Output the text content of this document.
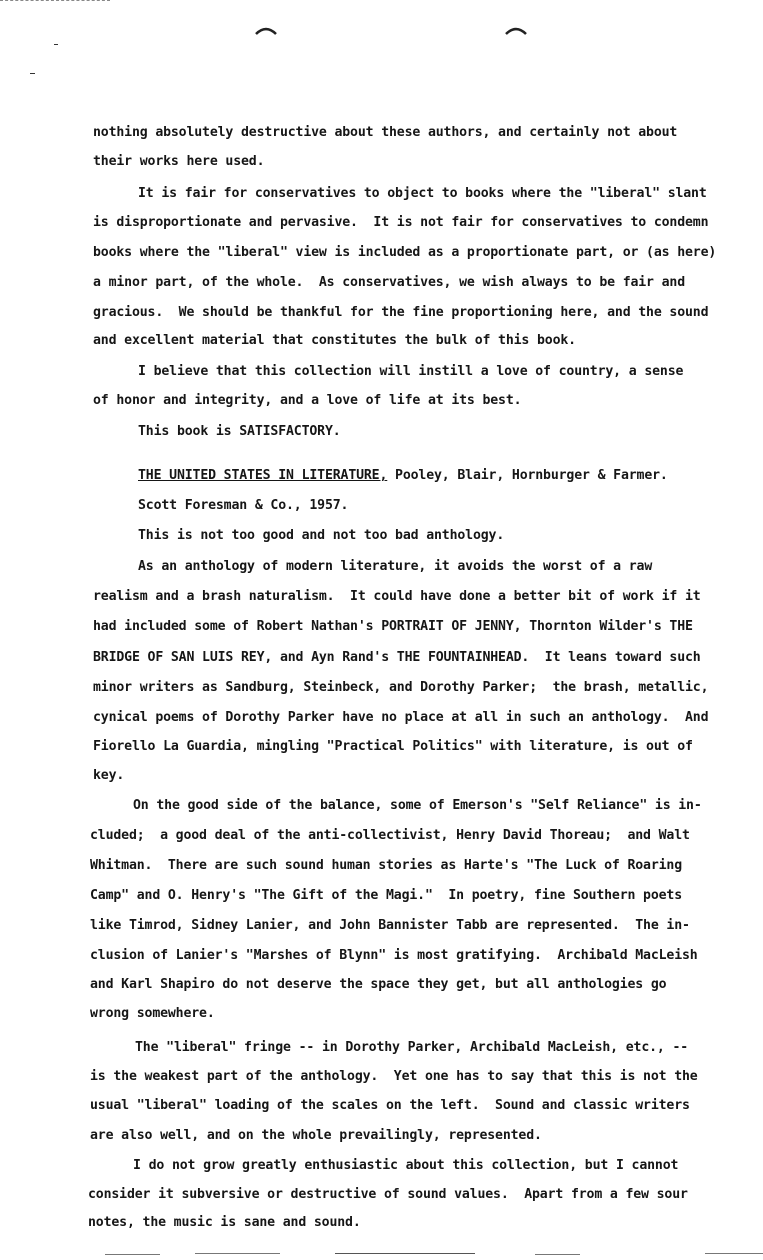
nothing absolutely destructive about these authors, and certainly not about
their works here used.
It is fair for conservatives to object to books where the "liberal" slant
is disproportionate and pervasive.  It is not fair for conservatives to condemn
books where the "liberal" view is included as a proportionate part, or (as here)
a minor part, of the whole.  As conservatives, we wish always to be fair and
gracious.  We should be thankful for the fine proportioning here, and the sound
and excellent material that constitutes the bulk of this book.
I believe that this collection will instill a love of country, a sense
of honor and integrity, and a love of life at its best.
This book is SATISFACTORY.
THE UNITED STATES IN LITERATURE, Pooley, Blair, Hornburger & Farmer.
Scott Foresman & Co., 1957.
This is not too good and not too bad anthology.
As an anthology of modern literature, it avoids the worst of a raw
realism and a brash naturalism.  It could have done a better bit of work if it
had included some of Robert Nathan's PORTRAIT OF JENNY, Thornton Wilder's THE
BRIDGE OF SAN LUIS REY, and Ayn Rand's THE FOUNTAINHEAD.  It leans toward such
minor writers as Sandburg, Steinbeck, and Dorothy Parker;  the brash, metallic,
cynical poems of Dorothy Parker have no place at all in such an anthology.  And
Fiorello La Guardia, mingling "Practical Politics" with literature, is out of
key.
On the good side of the balance, some of Emerson's "Self Reliance" is in-
cluded;  a good deal of the anti-collectivist, Henry David Thoreau;  and Walt
Whitman.  There are such sound human stories as Harte's "The Luck of Roaring
Camp" and O. Henry's "The Gift of the Magi."  In poetry, fine Southern poets
like Timrod, Sidney Lanier, and John Bannister Tabb are represented.  The in-
clusion of Lanier's "Marshes of Blynn" is most gratifying.  Archibald MacLeish
and Karl Shapiro do not deserve the space they get, but all anthologies go
wrong somewhere.
The "liberal" fringe -- in Dorothy Parker, Archibald MacLeish, etc., --
is the weakest part of the anthology.  Yet one has to say that this is not the
usual "liberal" loading of the scales on the left.  Sound and classic writers
are also well, and on the whole prevailingly, represented.
I do not grow greatly enthusiastic about this collection, but I cannot
consider it subversive or destructive of sound values.  Apart from a few sour
notes, the music is sane and sound.
